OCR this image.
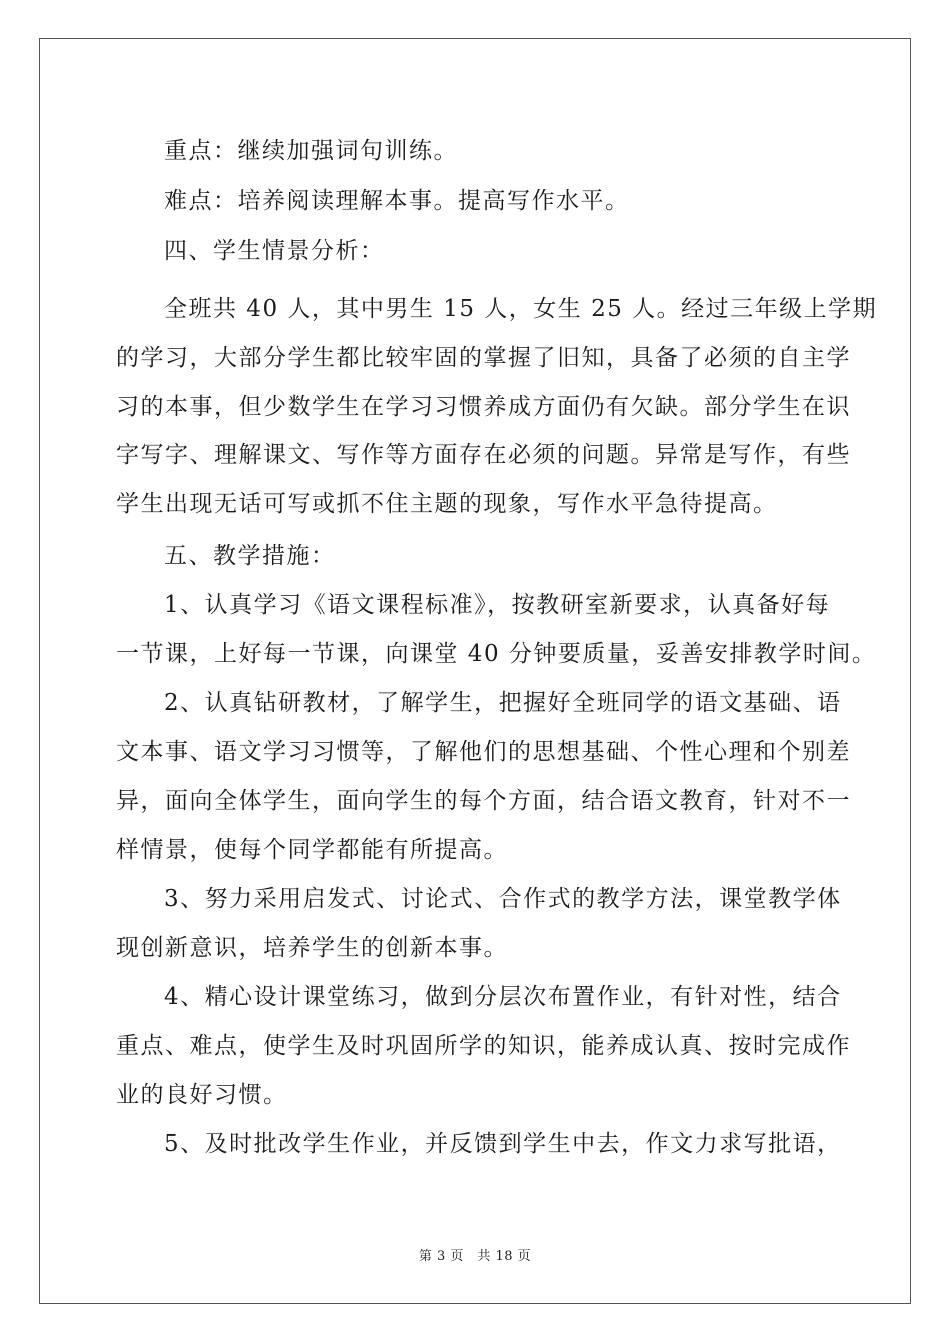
重点：继续加强词句训练。
难点：培养阅读理解本事。提高写作水平。
四、学生情景分析：
全班共 40 人，其中男生 15 人，女生 25 人。经过三年级上学期
的学习，大部分学生都比较牢固的掌握了旧知，具备了必须的自主学
习的本事，但少数学生在学习习惯养成方面仍有欠缺。部分学生在识
字写字、理解课文、写作等方面存在必须的问题。异常是写作，有些
学生出现无话可写或抓不住主题的现象，写作水平急待提高。
五、教学措施：
1、认真学习《语文课程标准》，按教研室新要求，认真备好每
一节课，上好每一节课，向课堂 40 分钟要质量，妥善安排教学时间。
2、认真钻研教材，了解学生，把握好全班同学的语文基础、语
文本事、语文学习习惯等，了解他们的思想基础、个性心理和个别差
异，面向全体学生，面向学生的每个方面，结合语文教育，针对不一
样情景，使每个同学都能有所提高。
3、努力采用启发式、讨论式、合作式的教学方法，课堂教学体
现创新意识，培养学生的创新本事。
4、精心设计课堂练习，做到分层次布置作业，有针对性，结合
重点、难点，使学生及时巩固所学的知识，能养成认真、按时完成作
业的良好习惯。
5、及时批改学生作业，并反馈到学生中去，作文力求写批语，
第 3 页　共 18 页
